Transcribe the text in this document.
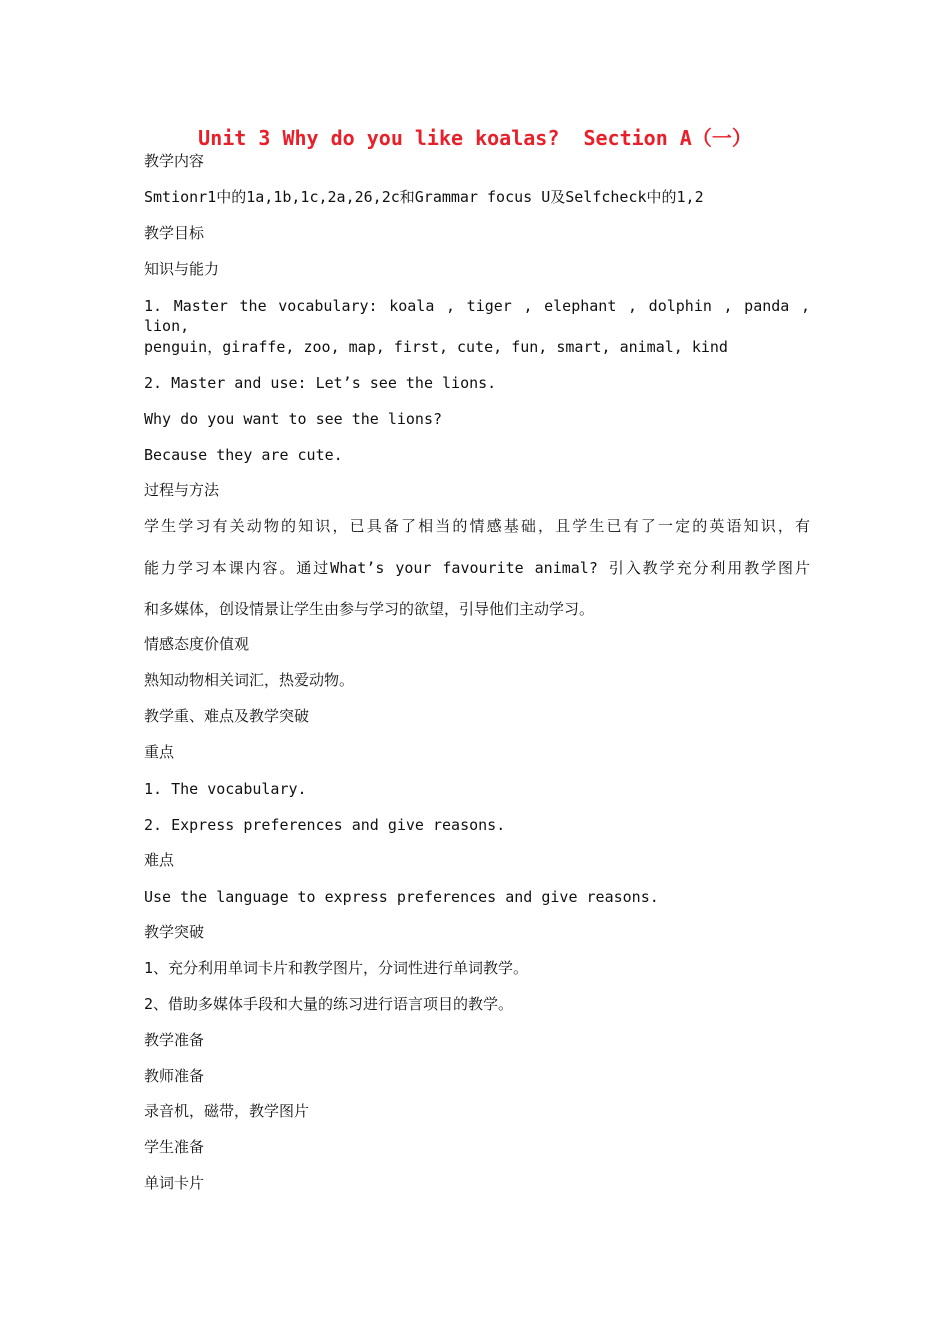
Unit 3 Why do you like koalas?  Section A（一）
教学内容
Smtionr1中的1a,1b,1c,2a,26,2c和Grammar focus U及Selfcheck中的1,2
教学目标
知识与能力
1. Master the vocabulary: koala , tiger , elephant , dolphin , panda , lion,
penguin，giraffe, zoo, map, first, cute, fun, smart, animal, kind
2. Master and use: Let’s see the lions.
Why do you want to see the lions?
Because they are cute.
过程与方法
学生学习有关动物的知识，已具备了相当的情感基础，且学生已有了一定的英语知识，有
能力学习本课内容。通过What’s your favourite animal? 引入教学充分利用教学图片
和多媒体，创设情景让学生由参与学习的欲望，引导他们主动学习。
情感态度价值观
熟知动物相关词汇，热爱动物。
教学重、难点及教学突破
重点
1. The vocabulary.
2. Express preferences and give reasons.
难点
Use the language to express preferences and give reasons.
教学突破
1、充分利用单词卡片和教学图片，分词性进行单词教学。
2、借助多媒体手段和大量的练习进行语言项目的教学。
教学准备
教师准备
录音机，磁带，教学图片
学生准备
单词卡片
